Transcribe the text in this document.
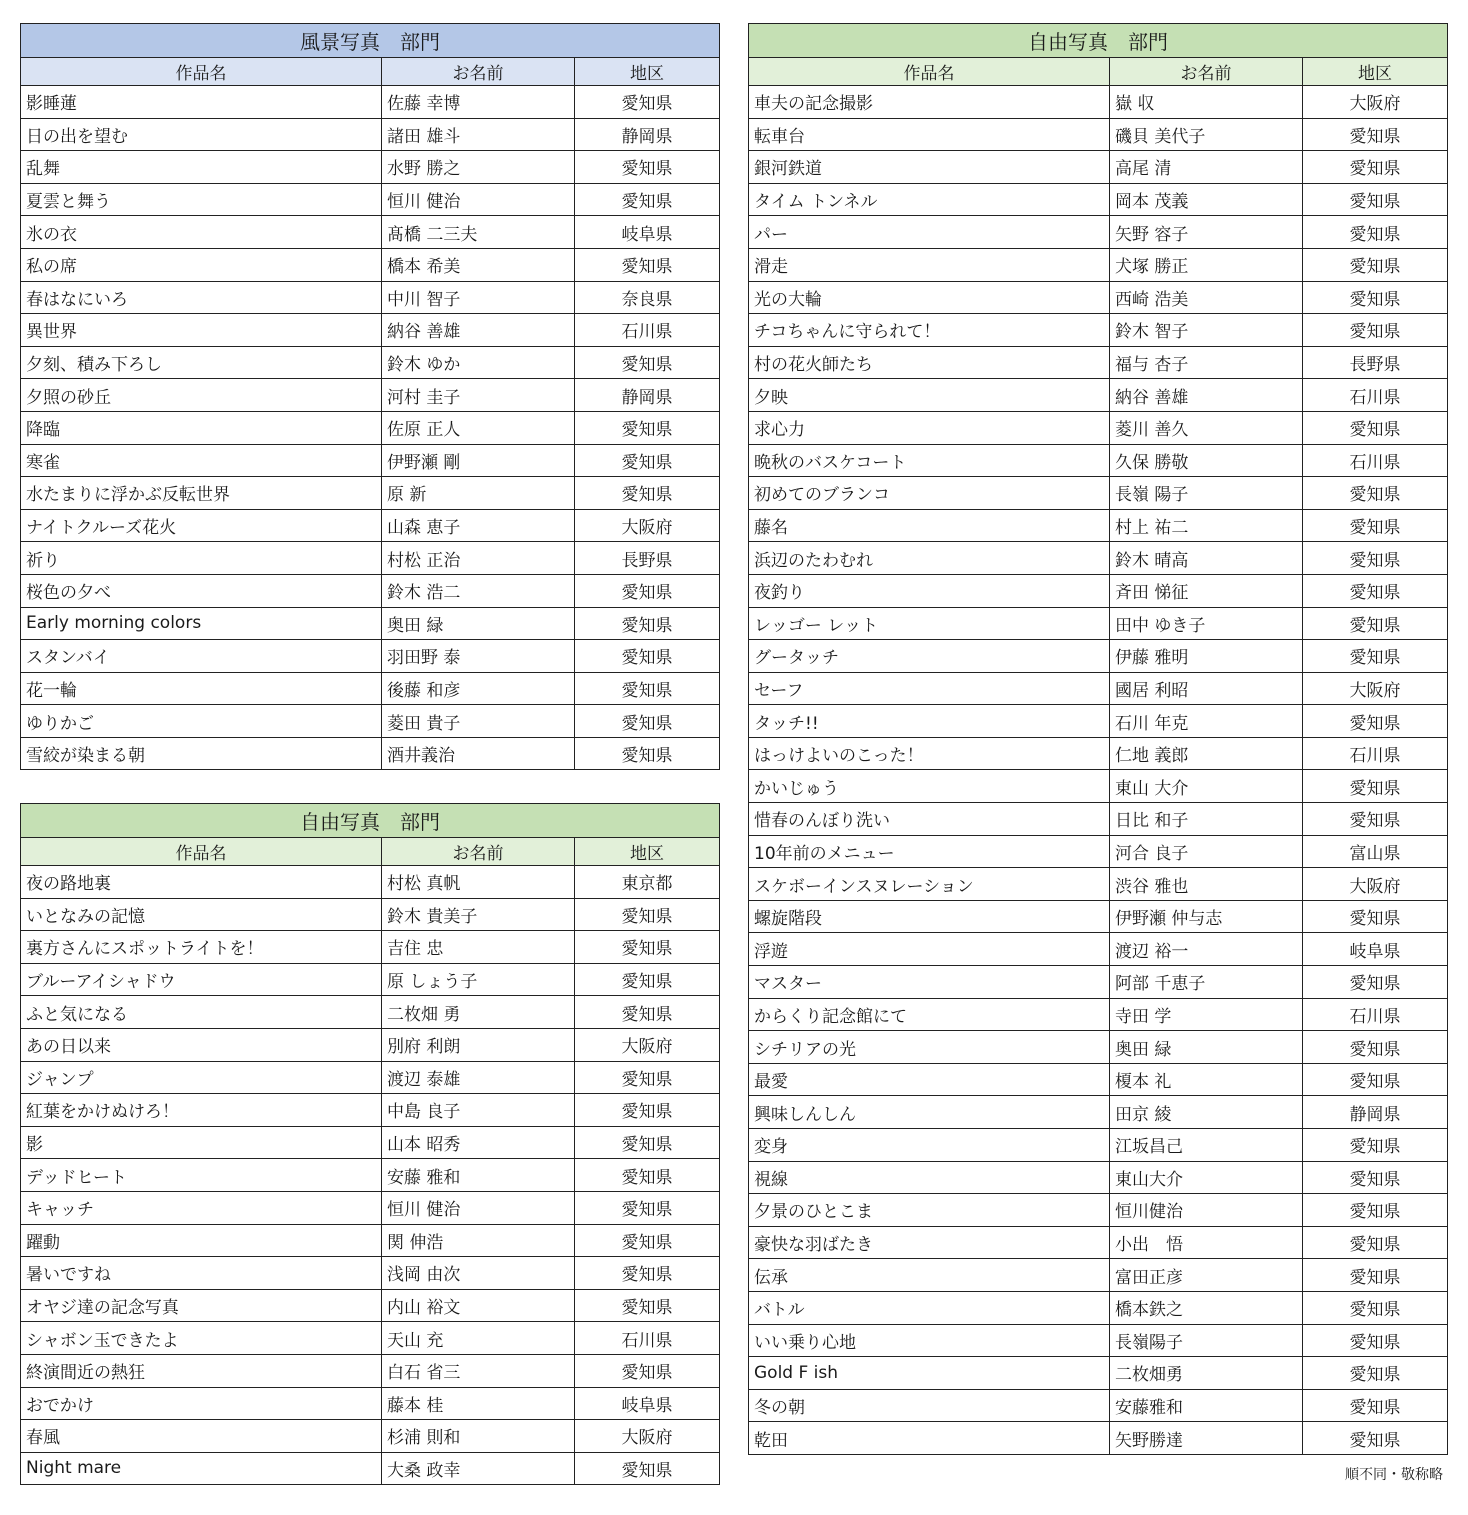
風景写真　部門		
作品名	お名前	地区
影睡蓮	佐藤 幸博	愛知県
日の出を望む	諸田 雄斗	静岡県
乱舞	水野 勝之	愛知県
夏雲と舞う	恒川 健治	愛知県
氷の衣	髙橋 二三夫	岐阜県
私の席	橋本 希美	愛知県
春はなにいろ	中川 智子	奈良県
異世界	納谷 善雄	石川県
夕刻、積み下ろし	鈴木 ゆか	愛知県
夕照の砂丘	河村 圭子	静岡県
降臨	佐原 正人	愛知県
寒雀	伊野瀬 剛	愛知県
水たまりに浮かぶ反転世界	原 新	愛知県
ナイトクルーズ花火	山森 恵子	大阪府
祈り	村松 正治	長野県
桜色の夕べ	鈴木 浩二	愛知県
Early morning colors	奥田 緑	愛知県
スタンバイ	羽田野 泰	愛知県
花一輪	後藤 和彦	愛知県
ゆりかご	菱田 貴子	愛知県
雪絞が染まる朝	酒井義治	愛知県
自由写真　部門		
作品名	お名前	地区
夜の路地裏	村松 真帆	東京都
いとなみの記憶	鈴木 貴美子	愛知県
裏方さんにスポットライトを！	吉住 忠	愛知県
ブルーアイシャドウ	原 しょう子	愛知県
ふと気になる	二枚畑 勇	愛知県
あの日以来	別府 利朗	大阪府
ジャンプ	渡辺 泰雄	愛知県
紅葉をかけぬけろ！	中島 良子	愛知県
影	山本 昭秀	愛知県
デッドヒート	安藤 雅和	愛知県
キャッチ	恒川 健治	愛知県
躍動	関 伸浩	愛知県
暑いですね	浅岡 由次	愛知県
オヤジ達の記念写真	内山 裕文	愛知県
シャボン玉できたよ	天山 充	石川県
終演間近の熱狂	白石 省三	愛知県
おでかけ	藤本 桂	岐阜県
春風	杉浦 則和	大阪府
Night mare	大桑 政幸	愛知県
自由写真　部門		
作品名	お名前	地区
車夫の記念撮影	嶽 収	大阪府
転車台	磯貝 美代子	愛知県
銀河鉄道	高尾 清	愛知県
タイム トンネル	岡本 茂義	愛知県
パー	矢野 容子	愛知県
滑走	犬塚 勝正	愛知県
光の大輪	西崎 浩美	愛知県
チコちゃんに守られて！	鈴木 智子	愛知県
村の花火師たち	福与 杏子	長野県
夕映	納谷 善雄	石川県
求心力	菱川 善久	愛知県
晩秋のバスケコート	久保 勝敬	石川県
初めてのブランコ	長嶺 陽子	愛知県
藤名	村上 祐二	愛知県
浜辺のたわむれ	鈴木 晴高	愛知県
夜釣り	斉田 悌征	愛知県
レッゴー レット	田中 ゆき子	愛知県
グータッチ	伊藤 雅明	愛知県
セーフ	國居 利昭	大阪府
タッチ!!	石川 年克	愛知県
はっけよいのこった！	仁地 義郎	石川県
かいじゅう	東山 大介	愛知県
惜春のんぼり洗い	日比 和子	愛知県
10年前のメニュー	河合 良子	富山県
スケボーインスヌレーション	渋谷 雅也	大阪府
螺旋階段	伊野瀬 仲与志	愛知県
浮遊	渡辺 裕一	岐阜県
マスター	阿部 千恵子	愛知県
からくり記念館にて	寺田 学	石川県
シチリアの光	奥田 緑	愛知県
最愛	榎本 礼	愛知県
興味しんしん	田京 綾	静岡県
変身	江坂昌己	愛知県
視線	東山大介	愛知県
夕景のひとこま	恒川健治	愛知県
豪快な羽ばたき	小出　悟	愛知県
伝承	富田正彦	愛知県
バトル	橋本鉄之	愛知県
いい乗り心地	長嶺陽子	愛知県
Gold F ish	二枚畑勇	愛知県
冬の朝	安藤雅和	愛知県
乾田	矢野勝達	愛知県
順不同・敬称略
